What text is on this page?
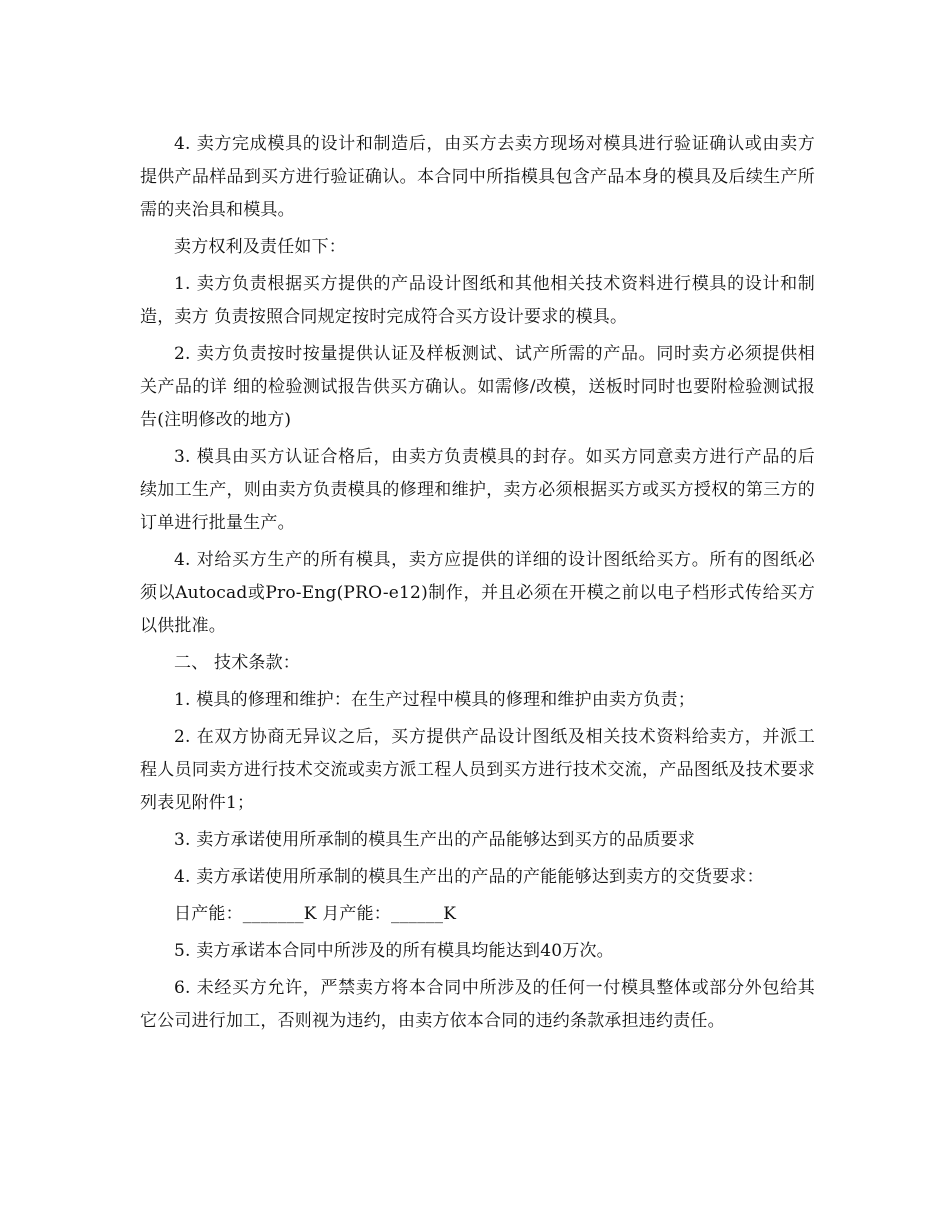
4. 卖方完成模具的设计和制造后，由买方去卖方现场对模具进行验证确认或由卖方提供产品样品到买方进行验证确认。本合同中所指模具包含产品本身的模具及后续生产所需的夹治具和模具。

卖方权利及责任如下：

1. 卖方负责根据买方提供的产品设计图纸和其他相关技术资料进行模具的设计和制造，卖方 负责按照合同规定按时完成符合买方设计要求的模具。

2. 卖方负责按时按量提供认证及样板测试、试产所需的产品。同时卖方必须提供相关产品的详 细的检验测试报告供买方确认。如需修/改模，送板时同时也要附检验测试报告(注明修改的地方)

3. 模具由买方认证合格后，由卖方负责模具的封存。如买方同意卖方进行产品的后续加工生产，则由卖方负责模具的修理和维护，卖方必须根据买方或买方授权的第三方的订单进行批量生产。

4. 对给买方生产的所有模具，卖方应提供的详细的设计图纸给买方。所有的图纸必须以Autocad或Pro-Eng(PRO-e12)制作，并且必须在开模之前以电子档形式传给买方以供批准。

二、 技术条款：

1. 模具的修理和维护：在生产过程中模具的修理和维护由卖方负责；

2. 在双方协商无异议之后，买方提供产品设计图纸及相关技术资料给卖方，并派工程人员同卖方进行技术交流或卖方派工程人员到买方进行技术交流，产品图纸及技术要求列表见附件1；

3. 卖方承诺使用所承制的模具生产出的产品能够达到买方的品质要求

4. 卖方承诺使用所承制的模具生产出的产品的产能能够达到卖方的交货要求：

日产能：_______K 月产能：______K

5. 卖方承诺本合同中所涉及的所有模具均能达到40万次。

6. 未经买方允许，严禁卖方将本合同中所涉及的任何一付模具整体或部分外包给其它公司进行加工，否则视为违约，由卖方依本合同的违约条款承担违约责任。
